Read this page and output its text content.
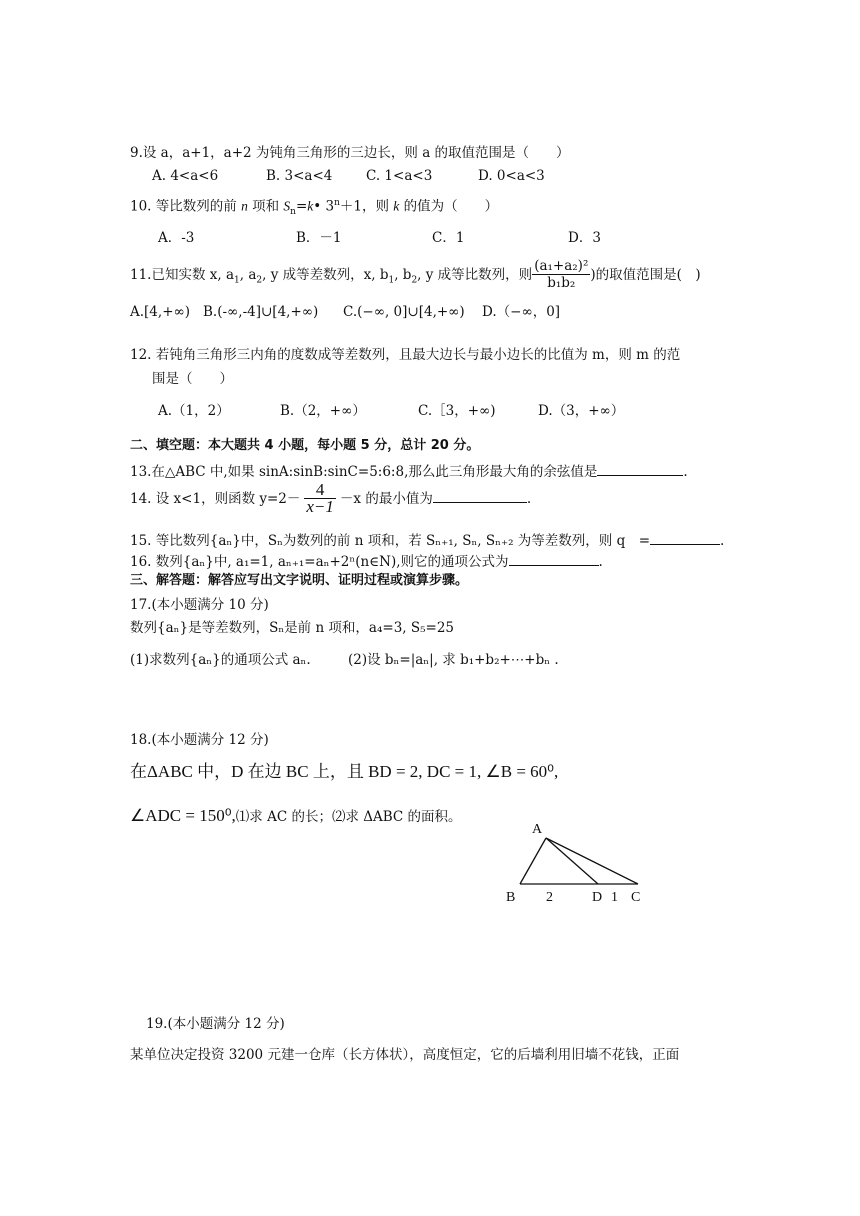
9.设 a，a+1，a+2 为钝角三角形的三边长，则 a 的取值范围是（　　）
A. 4<a<6	B. 3<a<4 C. 1<a<3	D. 0<a<3
10. 等比数列的前 n 项和 $S_n=k•$ $3^n+1$，则 k 的值为（　　）
A．-3	B．－1	C．1	D．3
11.已知实数 x, $a_1$, $a_2$, y 成等差数列，x, $b_1$, $b_2$, y 成等比数列，则 $\frac{\text{(a₁+a₂)²}}{\text{b₁b₂}}$ )的取值范围是(　)
A.[4,+∞) B.(-∞,-4]∪[4,+∞) C.(−∞, 0]∪[4,+∞) D.（−∞，0]
12. 若钝角三角形三内角的度数成等差数列，且最大边长与最小边长的比值为 m，则 m 的范
围是（　　）
A.（1，2）	B.（2，+∞）	C.［3，+∞)	D.（3，+∞）
二、填空题：本大题共 4 小题，每小题 5 分，总计 20 分。
13.在△ABC 中,如果 sinA:sinB:sinC=5:6:8,那么此三角形最大角的余弦值是	.
14. 设 x<1，则函数 $y=2- \frac{4}{x-1} -x$ 的最小值为	.
15. 等比数列{aₙ}中，Sₙ为数列的前 n 项和，若 Sₙ₊₁, Sₙ, Sₙ₊₂ 为等差数列，则 q　=	.
16. 数列{aₙ}中, a₁=1, aₙ₊₁=aₙ+2ⁿ(n∈N),则它的通项公式为	.
三、解答题：解答应写出文字说明、证明过程或演算步骤。
17.(本小题满分 10 分)
数列{aₙ}是等差数列，Sₙ是前 n 项和，a₄=3, S₅=25
(1)求数列{aₙ}的通项公式 aₙ.	(2)设 bₙ=|aₙ|, 求 b₁+b₂+⋯+bₙ .
18.(本小题满分 12 分)
在ΔABC 中，D 在边 BC 上，且 BD = 2, DC = 1, ∠B = 60⁰,
∠ADC = 150⁰,⑴求 AC 的长；⑵求 ΔABC 的面积。
A
B 2	D 1 C
19.(本小题满分 12 分)
某单位决定投资 3200 元建一仓库（长方体状），高度恒定，它的后墙利用旧墙不花钱，正面
